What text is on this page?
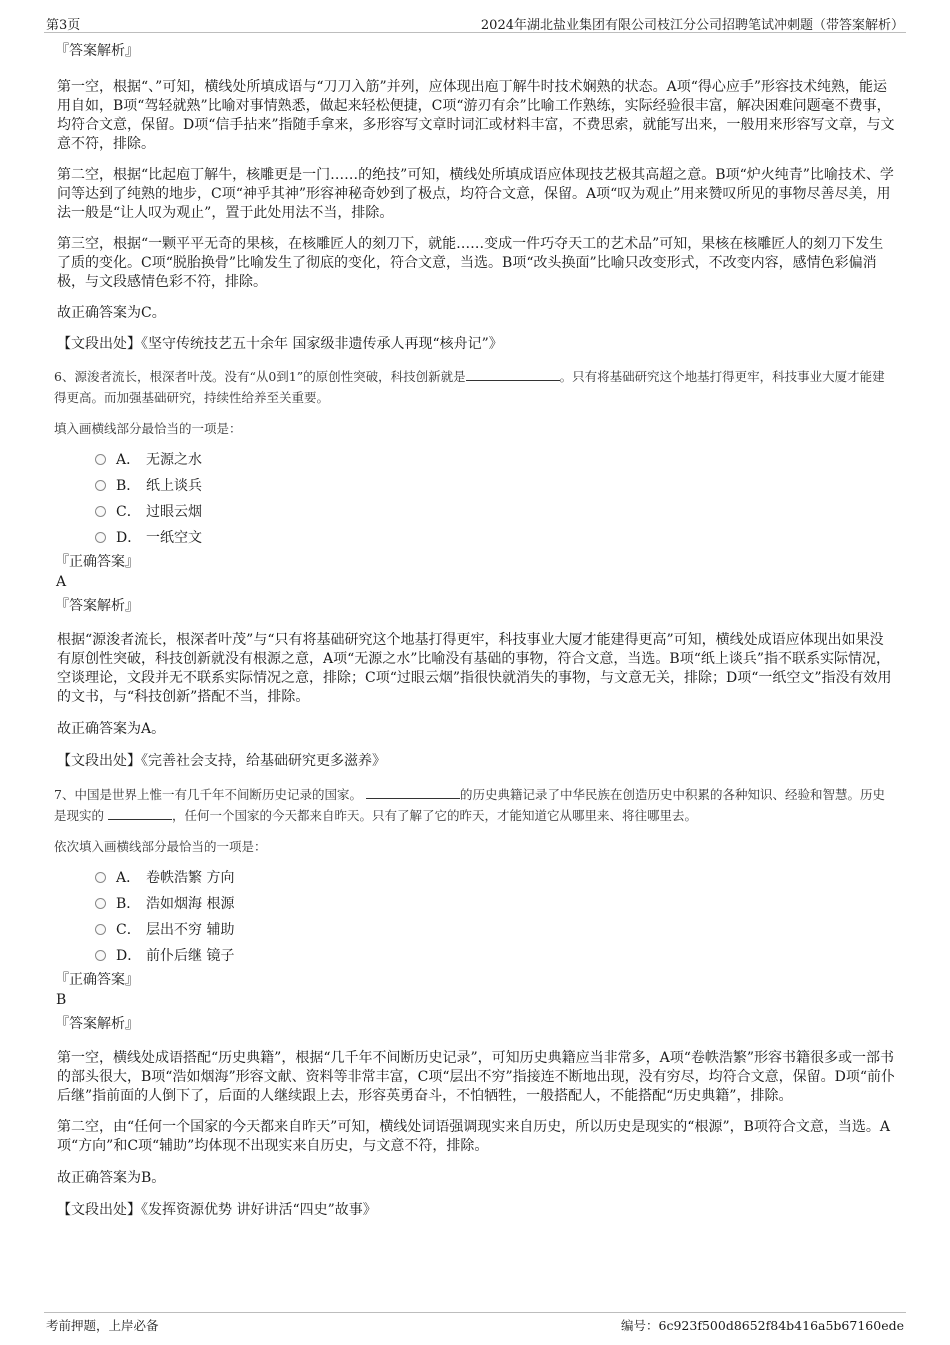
第3页	2024年湖北盐业集团有限公司枝江分公司招聘笔试冲刺题（带答案解析）

『答案解析』

第一空，根据“、”可知，横线处所填成语与“刀刀入筋”并列，应体现出庖丁解牛时技术娴熟的状态。A项“得心应手”形容技术纯熟，能运用自如，B项“驾轻就熟”比喻对事情熟悉，做起来轻松便捷，C项“游刃有余”比喻工作熟练，实际经验很丰富，解决困难问题毫不费事，均符合文意，保留。D项“信手拈来”指随手拿来，多形容写文章时词汇或材料丰富，不费思索，就能写出来，一般用来形容写文章，与文意不符，排除。

第二空，根据“比起庖丁解牛，核雕更是一门……的绝技”可知，横线处所填成语应体现技艺极其高超之意。B项“炉火纯青”比喻技术、学问等达到了纯熟的地步，C项“神乎其神”形容神秘奇妙到了极点，均符合文意，保留。A项“叹为观止”用来赞叹所见的事物尽善尽美，用法一般是“让人叹为观止”，置于此处用法不当，排除。

第三空，根据“一颗平平无奇的果核，在核雕匠人的刻刀下，就能……变成一件巧夺天工的艺术品”可知，果核在核雕匠人的刻刀下发生了质的变化。C项“脱胎换骨”比喻发生了彻底的变化，符合文意，当选。B项“改头换面”比喻只改变形式，不改变内容，感情色彩偏消极，与文段感情色彩不符，排除。

故正确答案为C。

【文段出处】《坚守传统技艺五十余年 国家级非遗传承人再现“核舟记”》

6、源浚者流长，根深者叶茂。没有“从0到1”的原创性突破，科技创新就是	。只有将基础研究这个地基打得更牢，科技事业大厦才能建得更高。而加强基础研究，持续性给养至关重要。

填入画横线部分最恰当的一项是：

A． 无源之水
B． 纸上谈兵
C． 过眼云烟
D． 一纸空文

『正确答案』

A

『答案解析』

根据“源浚者流长，根深者叶茂”与“只有将基础研究这个地基打得更牢，科技事业大厦才能建得更高”可知，横线处成语应体现出如果没有原创性突破，科技创新就没有根源之意，A项“无源之水”比喻没有基础的事物，符合文意，当选。B项“纸上谈兵”指不联系实际情况，空谈理论，文段并无不联系实际情况之意，排除；C项“过眼云烟”指很快就消失的事物，与文意无关，排除；D项“一纸空文”指没有效用的文书，与“科技创新”搭配不当，排除。

故正确答案为A。

【文段出处】《完善社会支持，给基础研究更多滋养》

7、中国是世界上惟一有几千年不间断历史记录的国家。	的历史典籍记录了中华民族在创造历史中积累的各种知识、经验和智慧。历史是现实的	，任何一个国家的今天都来自昨天。只有了解了它的昨天，才能知道它从哪里来、将往哪里去。

依次填入画横线部分最恰当的一项是：

A． 卷帙浩繁 方向
B． 浩如烟海 根源
C． 层出不穷 辅助
D． 前仆后继 镜子

『正确答案』

B

『答案解析』

第一空，横线处成语搭配“历史典籍”，根据“几千年不间断历史记录”，可知历史典籍应当非常多，A项“卷帙浩繁”形容书籍很多或一部书的部头很大，B项“浩如烟海”形容文献、资料等非常丰富，C项“层出不穷”指接连不断地出现，没有穷尽，均符合文意，保留。D项“前仆后继”指前面的人倒下了，后面的人继续跟上去，形容英勇奋斗，不怕牺牲，一般搭配人，不能搭配“历史典籍”，排除。

第二空，由“任何一个国家的今天都来自昨天”可知，横线处词语强调现实来自历史，所以历史是现实的“根源”，B项符合文意，当选。A项“方向”和C项“辅助”均体现不出现实来自历史，与文意不符，排除。

故正确答案为B。

【文段出处】《发挥资源优势 讲好讲活“四史”故事》

考前押题，上岸必备	编号：6c923f500d8652f84b416a5b67160ede
